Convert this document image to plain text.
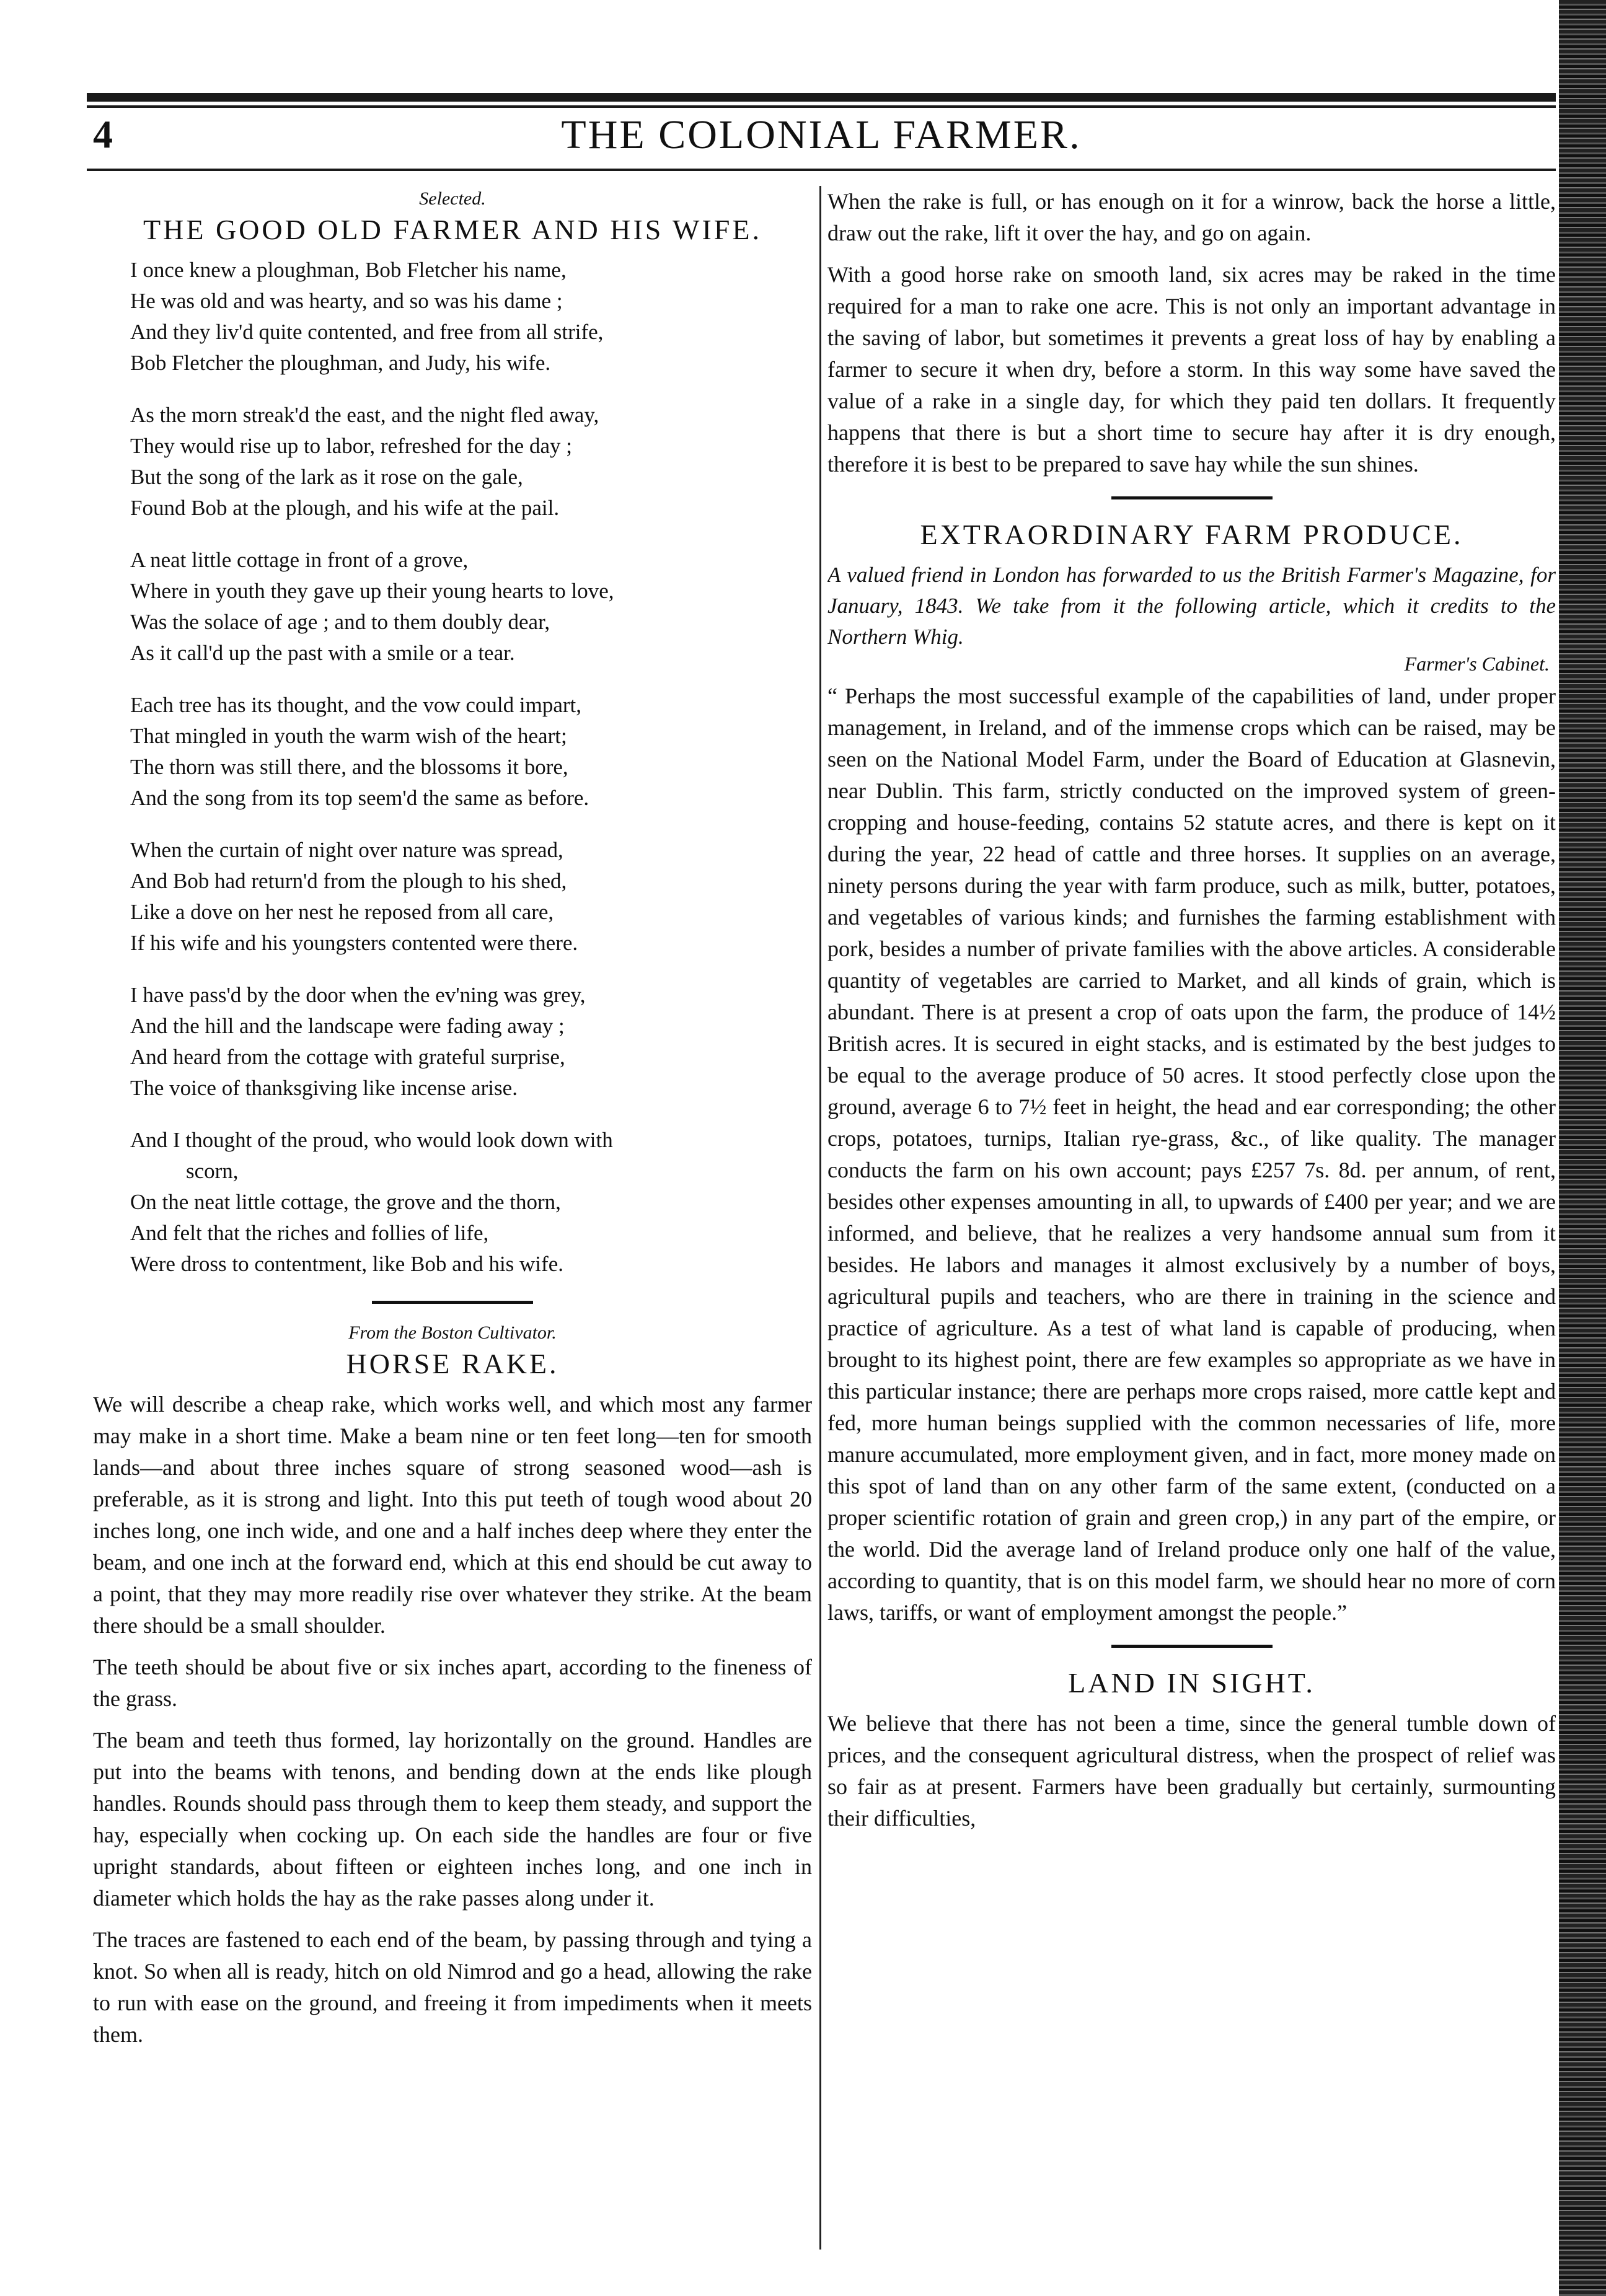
4	THE COLONIAL FARMER.
Selected.
THE GOOD OLD FARMER AND HIS WIFE.

I once knew a ploughman, Bob Fletcher his name,

He was old and was hearty, and so was his dame ;

And they liv'd quite contented, and free from all strife,

Bob Fletcher the ploughman, and Judy, his wife.

As the morn streak'd the east, and the night fled away,

They would rise up to labor, refreshed for the day ;

But the song of the lark as it rose on the gale,

Found Bob at the plough, and his wife at the pail.

A neat little cottage in front of a grove,

Where in youth they gave up their young hearts to love,

Was the solace of age ; and to them doubly dear,

As it call'd up the past with a smile or a tear.

Each tree has its thought, and the vow could impart,

That mingled in youth the warm wish of the heart;

The thorn was still there, and the blossoms it bore,

And the song from its top seem'd the same as before.

When the curtain of night over nature was spread,

And Bob had return'd from the plough to his shed,

Like a dove on her nest he reposed from all care,

If his wife and his youngsters contented were there.

I have pass'd by the door when the ev'ning was grey,

And the hill and the landscape were fading away ;

And heard from the cottage with grateful surprise,

The voice of thanksgiving like incense arise.

And I thought of the proud, who would look down with

scorn,

On the neat little cottage, the grove and the thorn,

And felt that the riches and follies of life,

Were dross to contentment, like Bob and his wife.

From the Boston Cultivator.
HORSE RAKE.

We will describe a cheap rake, which works well, and which most any farmer may make in a short time. Make a beam nine or ten feet long—ten for smooth lands—and about three inches square of strong seasoned wood—ash is preferable, as it is strong and light. Into this put teeth of tough wood about 20 inches long, one inch wide, and one and a half inches deep where they enter the beam, and one inch at the forward end, which at this end should be cut away to a point, that they may more readily rise over whatever they strike. At the beam there should be a small shoulder.

The teeth should be about five or six inches apart, according to the fineness of the grass.

The beam and teeth thus formed, lay horizontally on the ground. Handles are put into the beams with tenons, and bending down at the ends like plough handles. Rounds should pass through them to keep them steady, and support the hay, especially when cocking up. On each side the handles are four or five upright standards, about fifteen or eighteen inches long, and one inch in diameter which holds the hay as the rake passes along under it.

The traces are fastened to each end of the beam, by passing through and tying a knot. So when all is ready, hitch on old Nimrod and go a head, allowing the rake to run with ease on the ground, and freeing it from impediments when it meets them.

When the rake is full, or has enough on it for a winrow, back the horse a little, draw out the rake, lift it over the hay, and go on again.

With a good horse rake on smooth land, six acres may be raked in the time required for a man to rake one acre. This is not only an important advantage in the saving of labor, but sometimes it prevents a great loss of hay by enabling a farmer to secure it when dry, before a storm. In this way some have saved the value of a rake in a single day, for which they paid ten dollars. It frequently happens that there is but a short time to secure hay after it is dry enough, therefore it is best to be prepared to save hay while the sun shines.

EXTRAORDINARY FARM PRODUCE.

A valued friend in London has forwarded to us the British Farmer's Magazine, for January, 1843. We take from it the following article, which it credits to the Northern Whig.

Farmer's Cabinet.

“ Perhaps the most successful example of the capabilities of land, under proper management, in Ireland, and of the immense crops which can be raised, may be seen on the National Model Farm, under the Board of Education at Glasnevin, near Dublin. This farm, strictly conducted on the improved system of green-cropping and house-feeding, contains 52 statute acres, and there is kept on it during the year, 22 head of cattle and three horses. It supplies on an average, ninety persons during the year with farm produce, such as milk, butter, potatoes, and vegetables of various kinds; and furnishes the farming establishment with pork, besides a number of private families with the above articles. A considerable quantity of vegetables are carried to Market, and all kinds of grain, which is abundant. There is at present a crop of oats upon the farm, the produce of 14½ British acres. It is secured in eight stacks, and is estimated by the best judges to be equal to the average produce of 50 acres. It stood perfectly close upon the ground, average 6 to 7½ feet in height, the head and ear corresponding; the other crops, potatoes, turnips, Italian rye-grass, &c., of like quality. The manager conducts the farm on his own account; pays £257 7s. 8d. per annum, of rent, besides other expenses amounting in all, to upwards of £400 per year; and we are informed, and believe, that he realizes a very handsome annual sum from it besides. He labors and manages it almost exclusively by a number of boys, agricultural pupils and teachers, who are there in training in the science and practice of agriculture. As a test of what land is capable of producing, when brought to its highest point, there are few examples so appropriate as we have in this particular instance; there are perhaps more crops raised, more cattle kept and fed, more human beings supplied with the common necessaries of life, more manure accumulated, more employment given, and in fact, more money made on this spot of land than on any other farm of the same extent, (conducted on a proper scientific rotation of grain and green crop,) in any part of the empire, or the world. Did the average land of Ireland produce only one half of the value, according to quantity, that is on this model farm, we should hear no more of corn laws, tariffs, or want of employment amongst the people.”

LAND IN SIGHT.

We believe that there has not been a time, since the general tumble down of prices, and the consequent agricultural distress, when the prospect of relief was so fair as at present. Farmers have been gradually but certainly, surmounting their difficulties,
